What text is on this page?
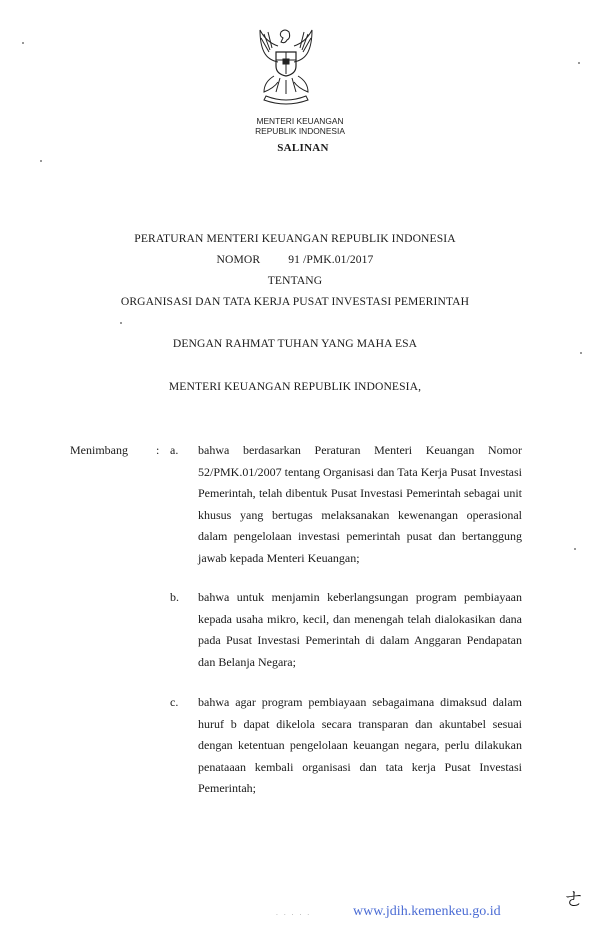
MENTERI KEUANGAN
REPUBLIK INDONESIA
SALINAN
PERATURAN MENTERI KEUANGAN REPUBLIK INDONESIA
NOMOR 91 /PMK.01/2017
TENTANG
ORGANISASI DAN TATA KERJA PUSAT INVESTASI PEMERINTAH
DENGAN RAHMAT TUHAN YANG MAHA ESA
MENTERI KEUANGAN REPUBLIK INDONESIA,
Menimbang : a.	bahwa berdasarkan Peraturan Menteri Keuangan Nomor 52/PMK.01/2007 tentang Organisasi dan Tata Kerja Pusat Investasi Pemerintah, telah dibentuk Pusat Investasi Pemerintah sebagai unit khusus yang bertugas melaksanakan kewenangan operasional dalam pengelolaan investasi pemerintah pusat dan bertanggung jawab kepada Menteri Keuangan;
b.	bahwa untuk menjamin keberlangsungan program pembiayaan kepada usaha mikro, kecil, dan menengah telah dialokasikan dana pada Pusat Investasi Pemerintah di dalam Anggaran Pendapatan dan Belanja Negara;
c.	bahwa agar program pembiayaan sebagaimana dimaksud dalam huruf b dapat dikelola secara transparan dan akuntabel sesuai dengan ketentuan pengelolaan keuangan negara, perlu dilakukan penataaan kembali organisasi dan tata kerja Pusat Investasi Pemerintah;
· · · · ·	www.jdih.kemenkeu.go.id	ㄜ
